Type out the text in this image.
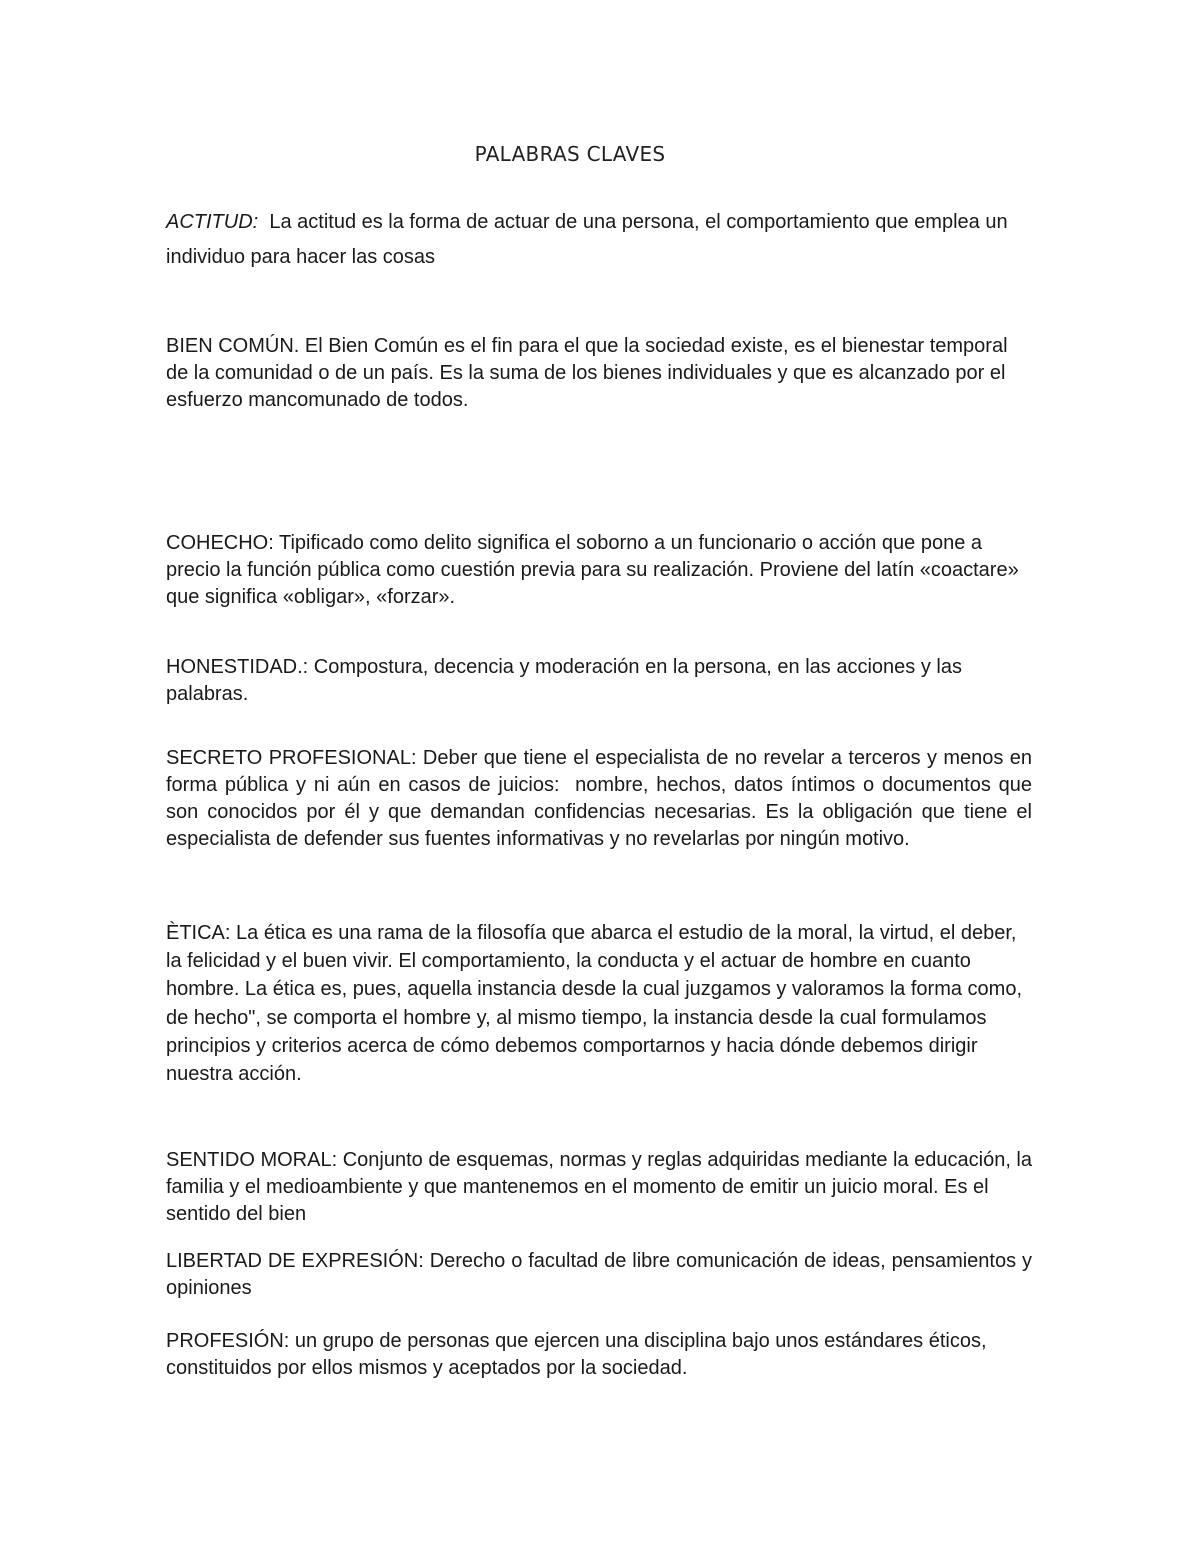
PALABRAS CLAVES

ACTITUD:  La actitud es la forma de actuar de una persona, el comportamiento que emplea un individuo para hacer las cosas

BIEN COMÚN. El Bien Común es el fin para el que la sociedad existe, es el bienestar temporal de la comunidad o de un país. Es la suma de los bienes individuales y que es alcanzado por el esfuerzo mancomunado de todos.

COHECHO: Tipificado como delito significa el soborno a un funcionario o acción que pone a precio la función pública como cuestión previa para su realización. Proviene del latín «coactare» que significa «obligar», «forzar».

HONESTIDAD.: Compostura, decencia y moderación en la persona, en las acciones y las palabras.

SECRETO PROFESIONAL: Deber que tiene el especialista de no revelar a terceros y menos en forma pública y ni aún en casos de juicios:  nombre, hechos, datos íntimos o documentos que son conocidos por él y que demandan confidencias necesarias. Es la obligación que tiene el especialista de defender sus fuentes informativas y no revelarlas por ningún motivo.

ÈTICA: La ética es una rama de la filosofía que abarca el estudio de la moral, la virtud, el deber, la felicidad y el buen vivir. El comportamiento, la conducta y el actuar de hombre en cuanto hombre. La ética es, pues, aquella instancia desde la cual juzgamos y valoramos la forma como, de hecho", se comporta el hombre y, al mismo tiempo, la instancia desde la cual formulamos principios y criterios acerca de cómo debemos comportarnos y hacia dónde debemos dirigir nuestra acción.

SENTIDO MORAL: Conjunto de esquemas, normas y reglas adquiridas mediante la educación, la familia y el medioambiente y que mantenemos en el momento de emitir un juicio moral. Es el sentido del bien

LIBERTAD DE EXPRESIÓN: Derecho o facultad de libre comunicación de ideas, pensamientos y opiniones

PROFESIÓN: un grupo de personas que ejercen una disciplina bajo unos estándares éticos, constituidos por ellos mismos y aceptados por la sociedad.
